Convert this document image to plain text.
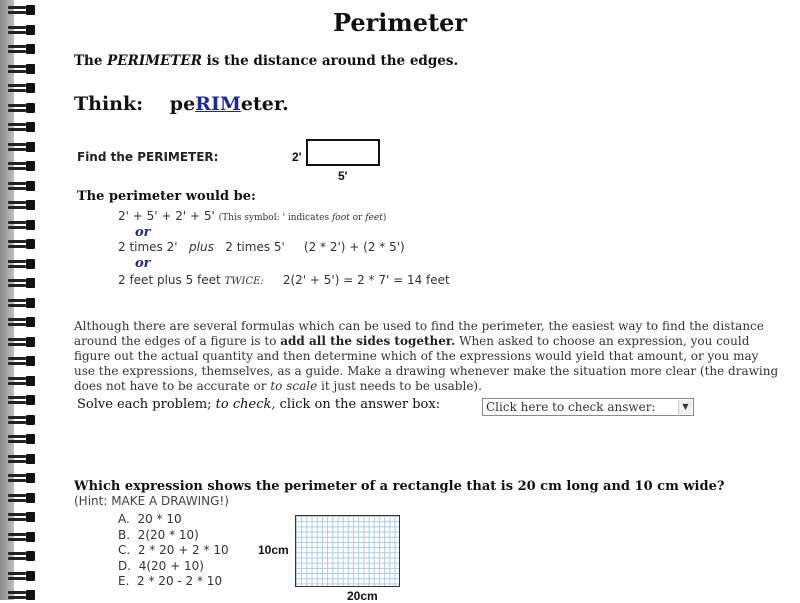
Perimeter
The PERIMETER is the distance around the edges.
Think: peRIMeter.
Find the PERIMETER:	2'
5'
The perimeter would be:
2' + 5' + 2' + 5' (This symbol: ' indicates foot or feet)
or
2 times 2' plus 2 times 5' (2 * 2') + (2 * 5')
or
2 feet plus 5 feet TWICE: 2(2' + 5') = 2 * 7' = 14 feet
Although there are several formulas which can be used to find the perimeter, the easiest way to find the distance around the edges of a figure is to add all the sides together. When asked to choose an expression, you could figure out the actual quantity and then determine which of the expressions would yield that amount, or you may use the expressions, themselves, as a guide. Make a drawing whenever make the situation more clear (the drawing does not have to be accurate or to scale it just needs to be usable).
Solve each problem; to check, click on the answer box:	Click here to check answer:	▼
Which expression shows the perimeter of a rectangle that is 20 cm long and 10 cm wide?
(Hint: MAKE A DRAWING!)
A. 20 * 10
B. 2(20 * 10)
C. 2 * 20 + 2 * 10
D. 4(20 + 10)
E. 2 * 20 - 2 * 10
10cm
20cm
